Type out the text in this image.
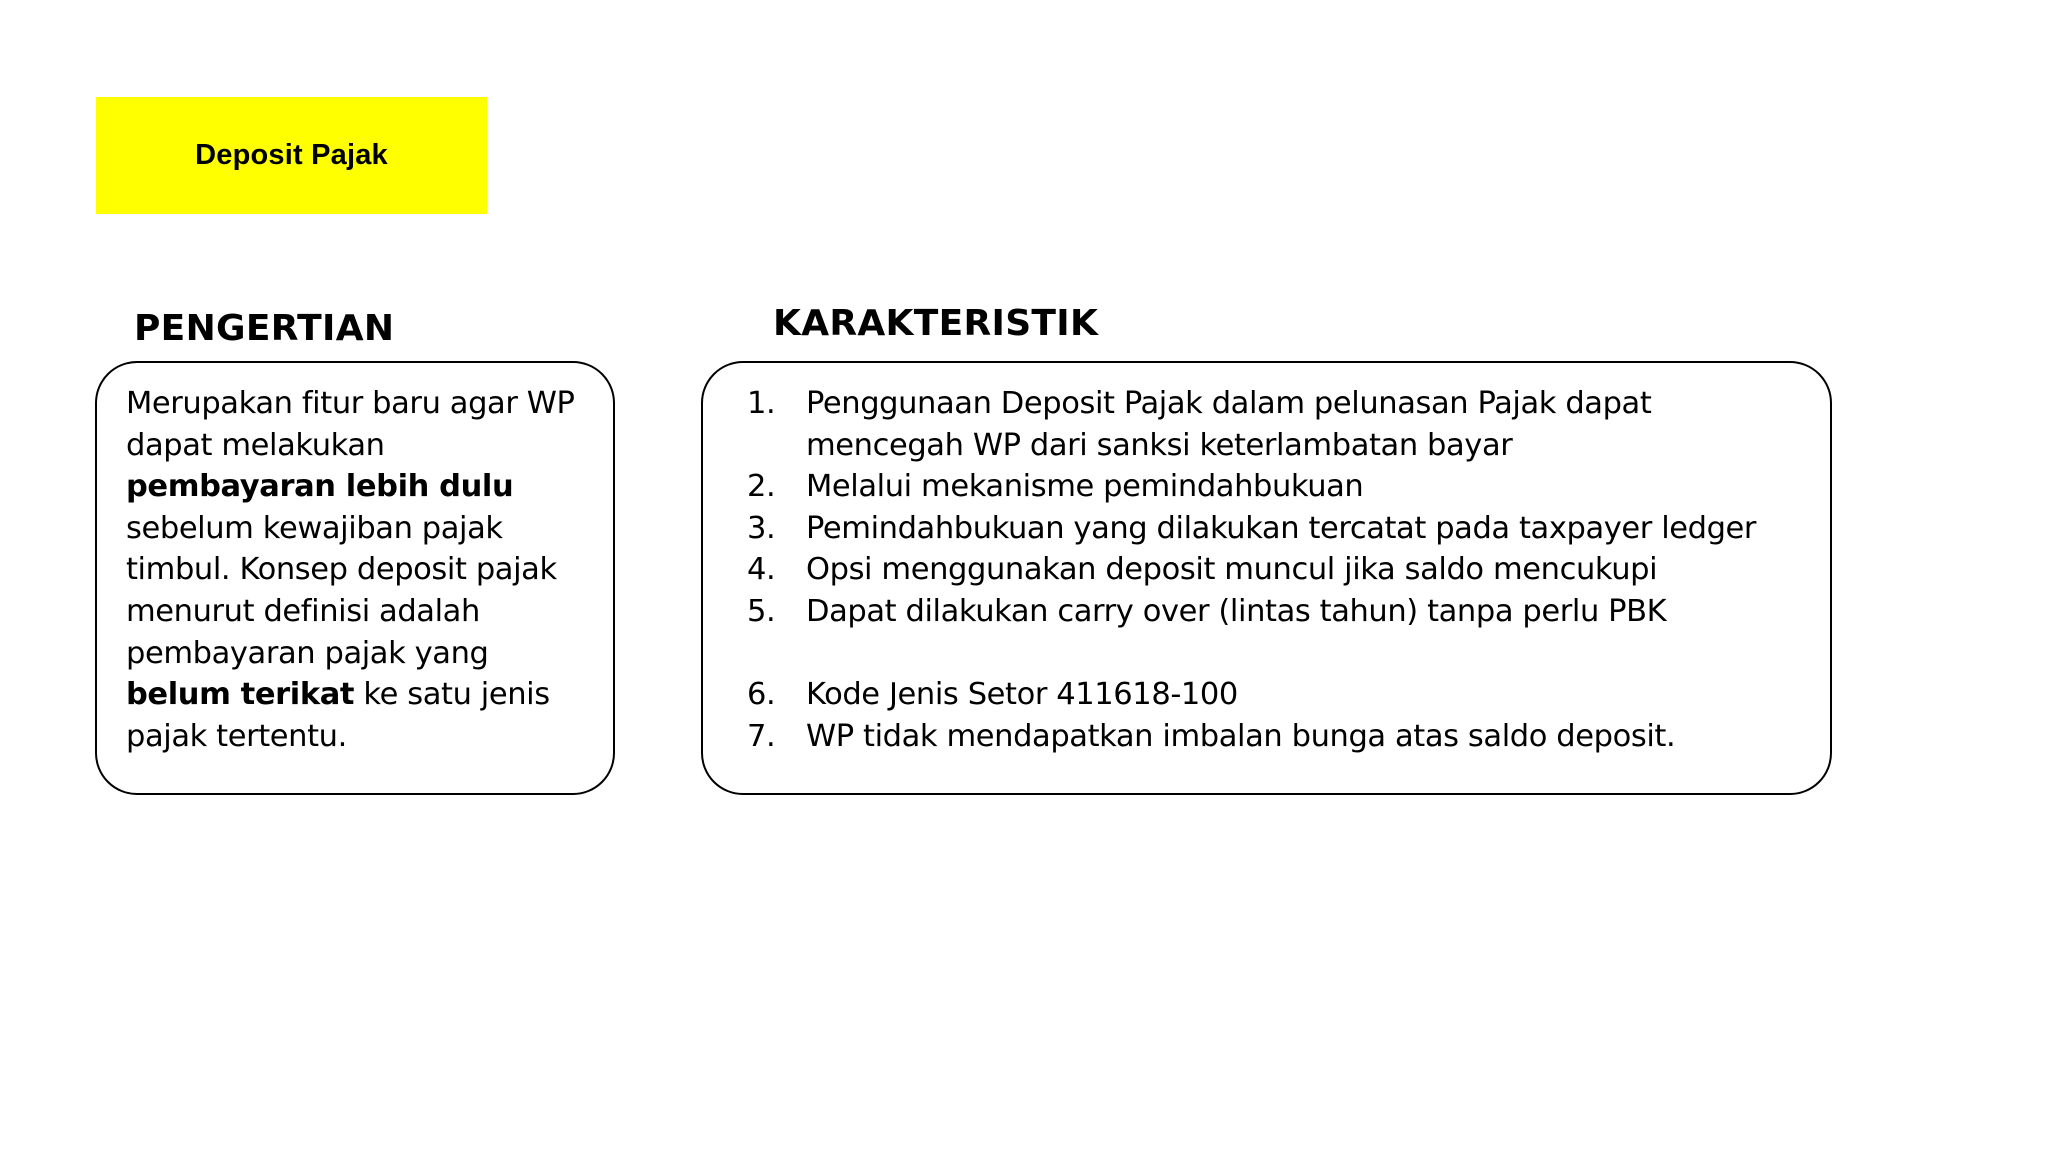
Deposit Pajak
PENGERTIAN	KARAKTERISTIK

Merupakan fitur baru agar WP dapat melakukan pembayaran lebih dulu sebelum kewajiban pajak timbul. Konsep deposit pajak menurut definisi adalah pembayaran pajak yang belum terikat ke satu jenis pajak tertentu.

1.	Penggunaan Deposit Pajak dalam pelunasan Pajak dapat mencegah WP dari sanksi keterlambatan bayar
2.	Melalui mekanisme pemindahbukuan
3.	Pemindahbukuan yang dilakukan tercatat pada taxpayer ledger
4.	Opsi menggunakan deposit muncul jika saldo mencukupi
5.	Dapat dilakukan carry over (lintas tahun) tanpa perlu PBK
6.	Kode Jenis Setor 411618-100
7.	WP tidak mendapatkan imbalan bunga atas saldo deposit.
